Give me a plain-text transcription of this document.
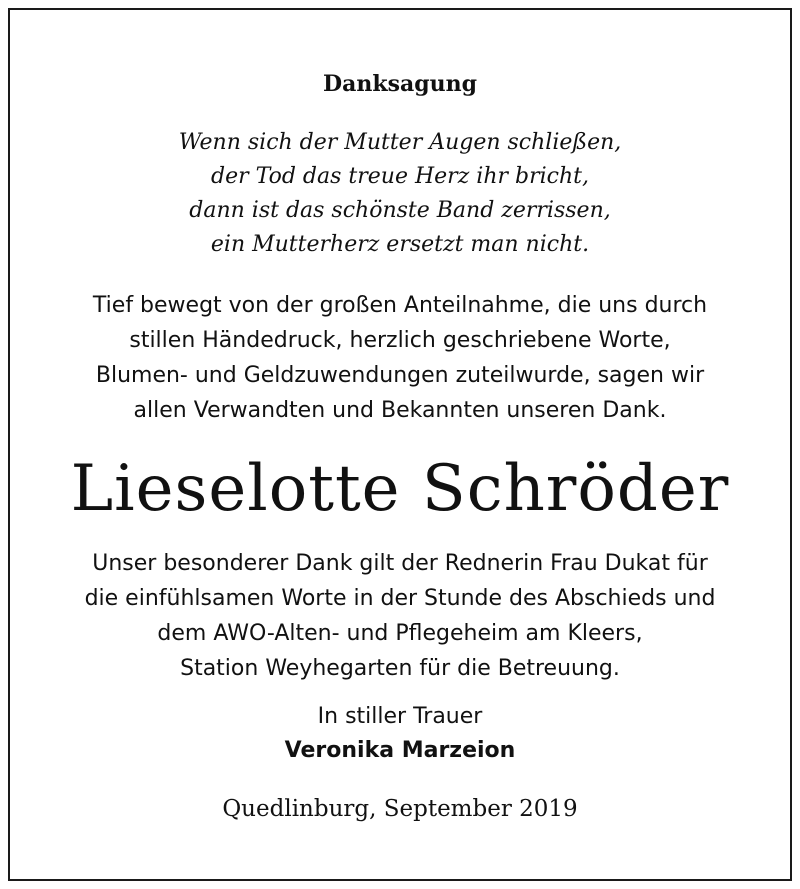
Danksagung
Wenn sich der Mutter Augen schließen,
der Tod das treue Herz ihr bricht,
dann ist das schönste Band zerrissen,
ein Mutterherz ersetzt man nicht.
Tief bewegt von der großen Anteilnahme, die uns durch
stillen Händedruck, herzlich geschriebene Worte,
Blumen- und Geldzuwendungen zuteilwurde, sagen wir
allen Verwandten und Bekannten unseren Dank.
Lieselotte Schröder
Unser besonderer Dank gilt der Rednerin Frau Dukat für
die einfühlsamen Worte in der Stunde des Abschieds und
dem AWO-Alten- und Pflegeheim am Kleers,
Station Weyhegarten für die Betreuung.
In stiller Trauer
Veronika Marzeion
Quedlinburg, September 2019
